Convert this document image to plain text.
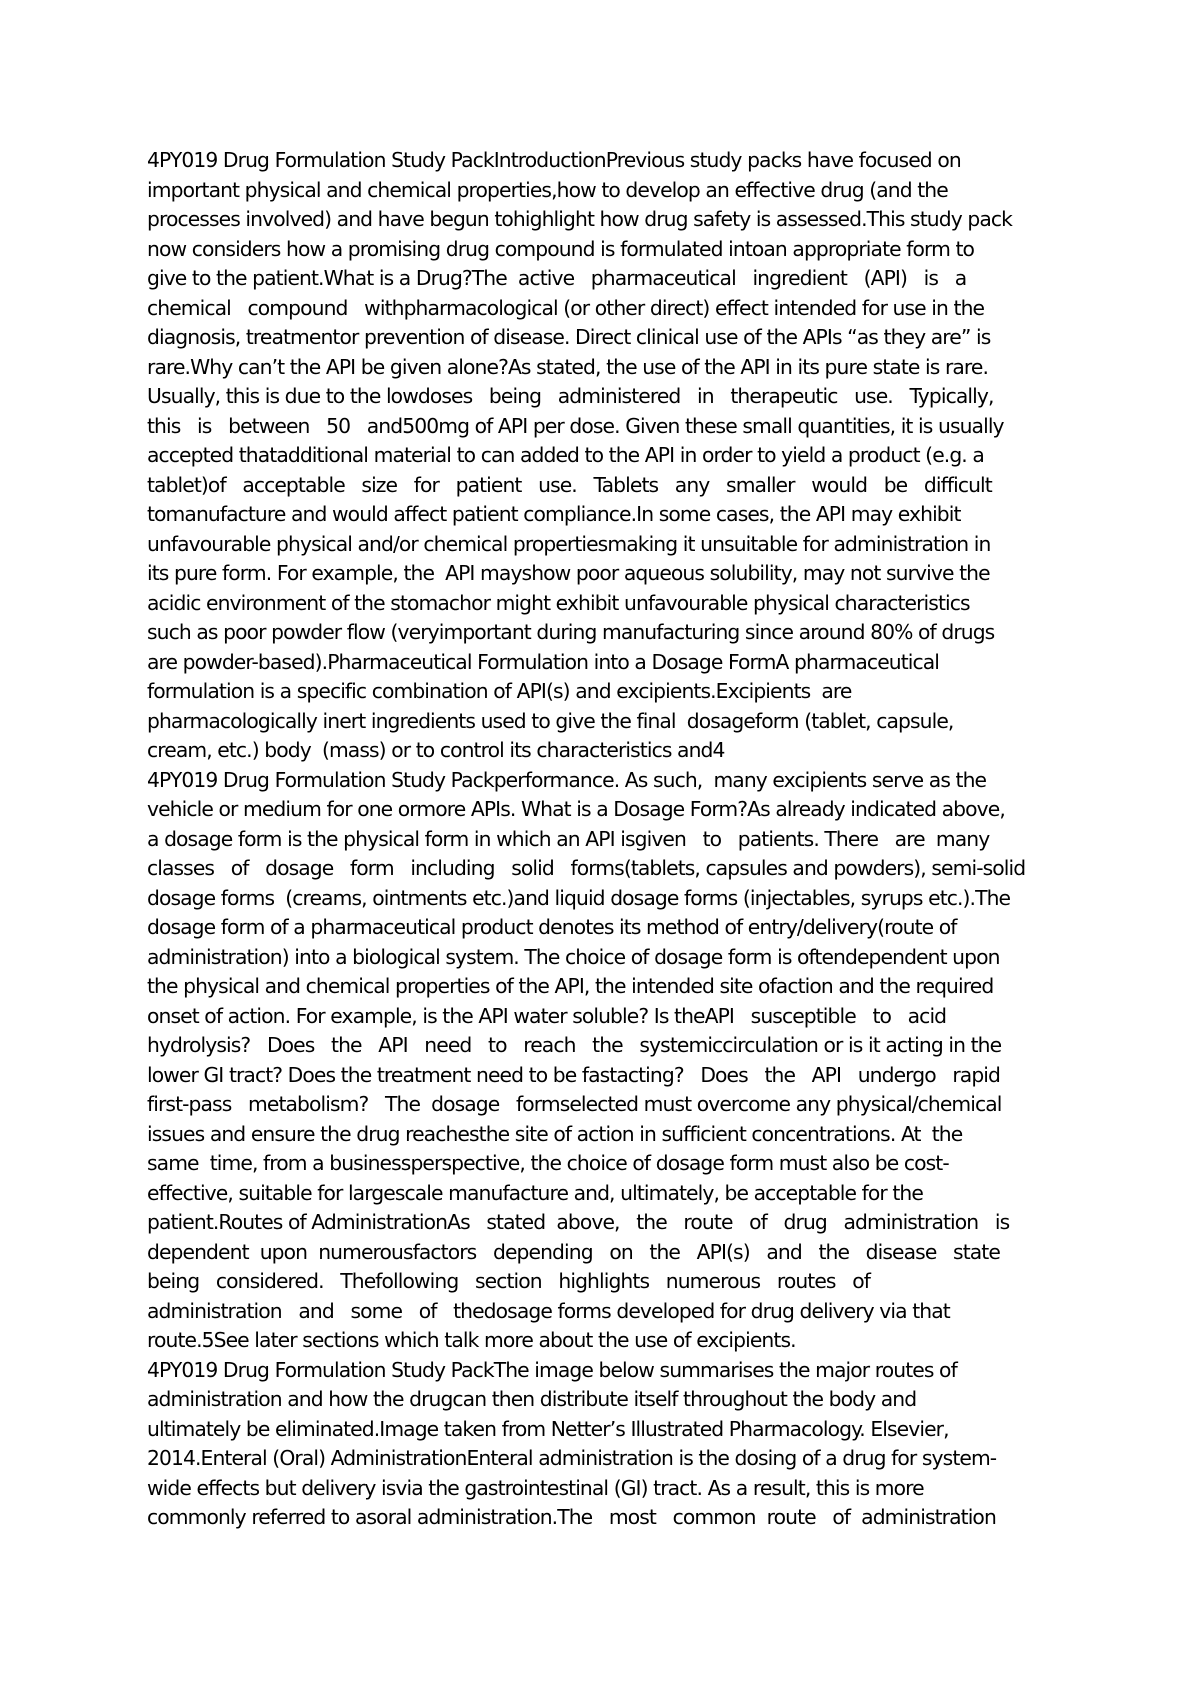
4PY019 Drug Formulation Study PackIntroductionPrevious study packs have focused on
important physical and chemical properties,how to develop an effective drug (and the
processes involved) and have begun tohighlight how drug safety is assessed.This study pack
now considers how a promising drug compound is formulated intoan appropriate form to
give to the patient.What is a Drug?The  active   pharmaceutical   ingredient   (API)   is   a
chemical   compound   withpharmacological (or other direct) effect intended for use in the
diagnosis, treatmentor prevention of disease. Direct clinical use of the APIs “as they are” is
rare.Why can’t the API be given alone?As stated, the use of the API in its pure state is rare.
Usually, this is due to the lowdoses   being   administered   in   therapeutic   use.   Typically,
this   is   between   50   and500mg of API per dose. Given these small quantities, it is usually
accepted thatadditional material to can added to the API in order to yield a product (e.g. a
tablet)of   acceptable   size   for   patient   use.   Tablets   any   smaller   would   be   difficult
tomanufacture and would affect patient compliance.In some cases, the API may exhibit
unfavourable physical and/or chemical propertiesmaking it unsuitable for administration in
its pure form. For example, the  API mayshow poor aqueous solubility, may not survive the
acidic environment of the stomachor might exhibit unfavourable physical characteristics
such as poor powder flow (veryimportant during manufacturing since around 80% of drugs
are powder-based).Pharmaceutical Formulation into a Dosage FormA pharmaceutical
formulation is a specific combination of API(s) and excipients.Excipients  are
pharmacologically inert ingredients used to give the final  dosageform (tablet, capsule,
cream, etc.) body  (mass) or to control its characteristics and4
4PY019 Drug Formulation Study Packperformance. As such,  many excipients serve as the
vehicle or medium for one ormore APIs. What is a Dosage Form?As already indicated above,
a dosage form is the physical form in which an API isgiven   to   patients. There   are  many
classes   of   dosage   form   including   solid   forms(tablets, capsules and powders), semi-solid
dosage forms  (creams, ointments etc.)and liquid dosage forms (injectables, syrups etc.).The
dosage form of a pharmaceutical product denotes its method of entry/delivery(route of
administration) into a biological system. The choice of dosage form is oftendependent upon
the physical and chemical properties of the API, the intended site ofaction and the required
onset of action. For example, is the API water soluble? Is theAPI   susceptible   to   acid
hydrolysis?   Does   the   API   need   to   reach   the   systemiccirculation or is it acting in the
lower GI tract? Does the treatment need to be fastacting?   Does   the   API   undergo   rapid
first-pass   metabolism?   The  dosage   formselected must overcome any physical/chemical
issues and ensure the drug reachesthe site of action in sufficient concentrations. At  the
same  time, from a businessperspective, the choice of dosage form must also be cost-
effective, suitable for largescale manufacture and, ultimately, be acceptable for the
patient.Routes of AdministrationAs   stated  above,   the   route   of   drug   administration   is
dependent  upon  numerousfactors   depending   on   the   API(s)   and   the   disease   state
being   considered.   Thefollowing   section   highlights   numerous   routes   of
administration   and   some   of   thedosage forms developed for drug delivery via that
route.5See later sections which talk more about the use of excipients.
4PY019 Drug Formulation Study PackThe image below summarises the major routes of
administration and how the drugcan then distribute itself throughout the body and
ultimately be eliminated.Image taken from Netter’s Illustrated Pharmacology. Elsevier,
2014.Enteral (Oral) AdministrationEnteral administration is the dosing of a drug for system-
wide effects but delivery isvia the gastrointestinal (GI) tract. As a result, this is more
commonly referred to asoral administration.The   most   common  route   of  administration
